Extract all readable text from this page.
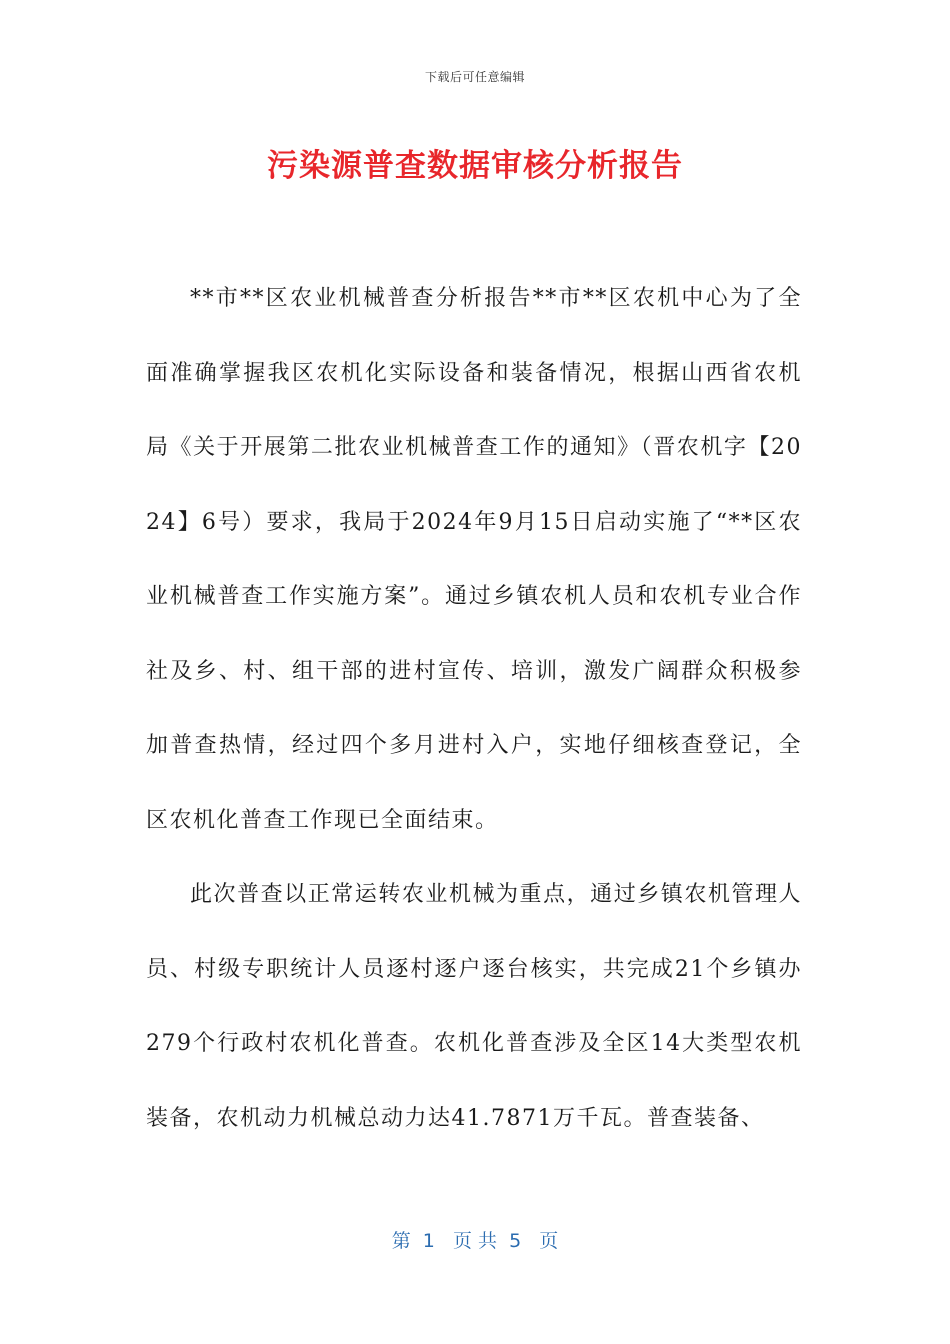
下载后可任意编辑
污染源普查数据审核分析报告

**市**区农业机械普查分析报告**市**区农机中心为了全面准确掌握我区农机化实际设备和装备情况，根据山西省农机局《关于开展第二批农业机械普查工作的通知》（晋农机字【2024】6号）要求，我局于2024年9月15日启动实施了“**区农业机械普查工作实施方案”。通过乡镇农机人员和农机专业合作社及乡、村、组干部的进村宣传、培训，激发广阔群众积极参加普查热情，经过四个多月进村入户，实地仔细核查登记，全区农机化普查工作现已全面结束。

此次普查以正常运转农业机械为重点，通过乡镇农机管理人员、村级专职统计人员逐村逐户逐台核实，共完成21个乡镇办279个行政村农机化普查。农机化普查涉及全区14大类型农机装备，农机动力机械总动力达41.7871万千瓦。普查装备、

第  1   页 共  5   页
